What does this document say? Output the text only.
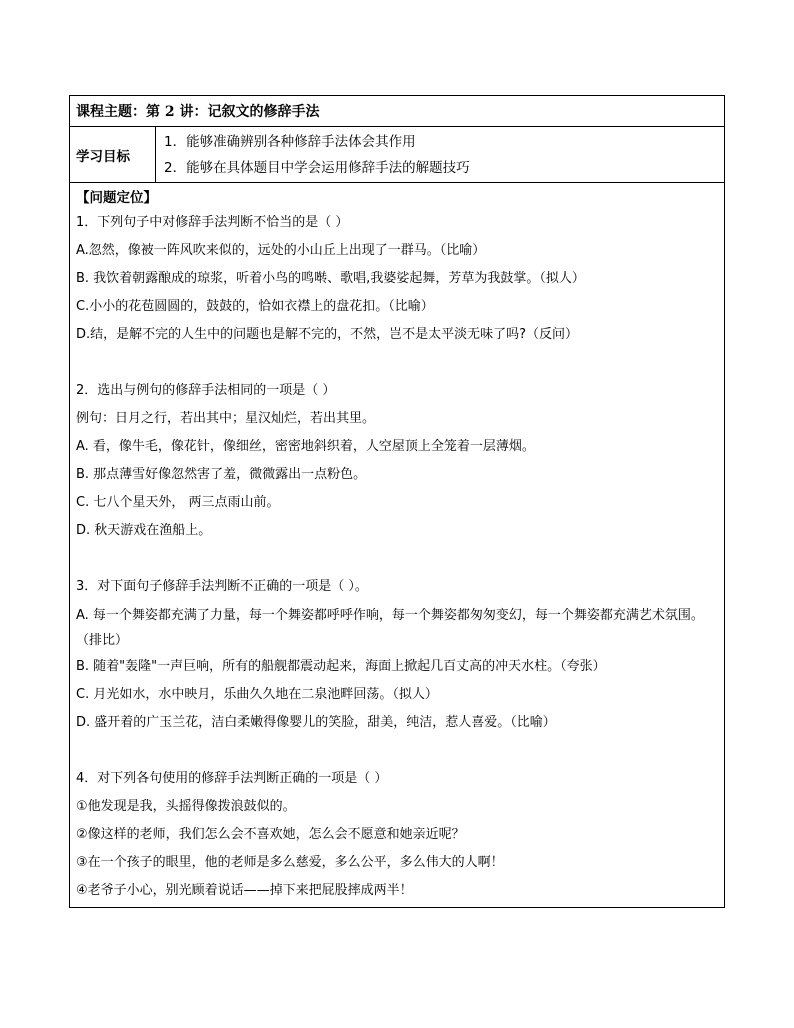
课程主题：第 2 讲：记叙文的修辞手法
学习目标
1．能够准确辨别各种修辞手法体会其作用
2．能够在具体题目中学会运用修辞手法的解题技巧
【问题定位】
1．下列句子中对修辞手法判断不恰当的是（ ）
A.忽然，像被一阵风吹来似的，远处的小山丘上出现了一群马。（比喻）
B. 我饮着朝露酿成的琼浆，听着小鸟的鸣啭、歌唱,我婆娑起舞，芳草为我鼓掌。（拟人）
C.小小的花苞圆圆的，鼓鼓的，恰如衣襟上的盘花扣。（比喻）
D.结，是解不完的人生中的问题也是解不完的，不然，岂不是太平淡无味了吗?（反问）
2．选出与例句的修辞手法相同的一项是（ ）
例句：日月之行，若出其中；星汉灿烂，若出其里。
A. 看，像牛毛，像花针，像细丝，密密地斜织着，人空屋顶上全笼着一层薄烟。
B. 那点薄雪好像忽然害了羞，微微露出一点粉色。
C. 七八个星天外， 两三点雨山前。
D. 秋天游戏在渔船上。
3．对下面句子修辞手法判断不正确的一项是（ ）。
A. 每一个舞姿都充满了力量，每一个舞姿都呼呼作响，每一个舞姿都匆匆变幻，每一个舞姿都充满艺术氛围。（排比）
B. 随着"轰隆"一声巨响，所有的船舰都震动起来，海面上掀起几百丈高的冲天水柱。（夸张）
C. 月光如水，水中映月，乐曲久久地在二泉池畔回荡。（拟人）
D. 盛开着的广玉兰花，洁白柔嫩得像婴儿的笑脸，甜美，纯洁，惹人喜爱。（比喻）
4．对下列各句使用的修辞手法判断正确的一项是（ ）
①他发现是我，头摇得像拨浪鼓似的。
②像这样的老师，我们怎么会不喜欢她，怎么会不愿意和她亲近呢？
③在一个孩子的眼里，他的老师是多么慈爱，多么公平，多么伟大的人啊！
④老爷子小心，别光顾着说话——掉下来把屁股摔成两半！
